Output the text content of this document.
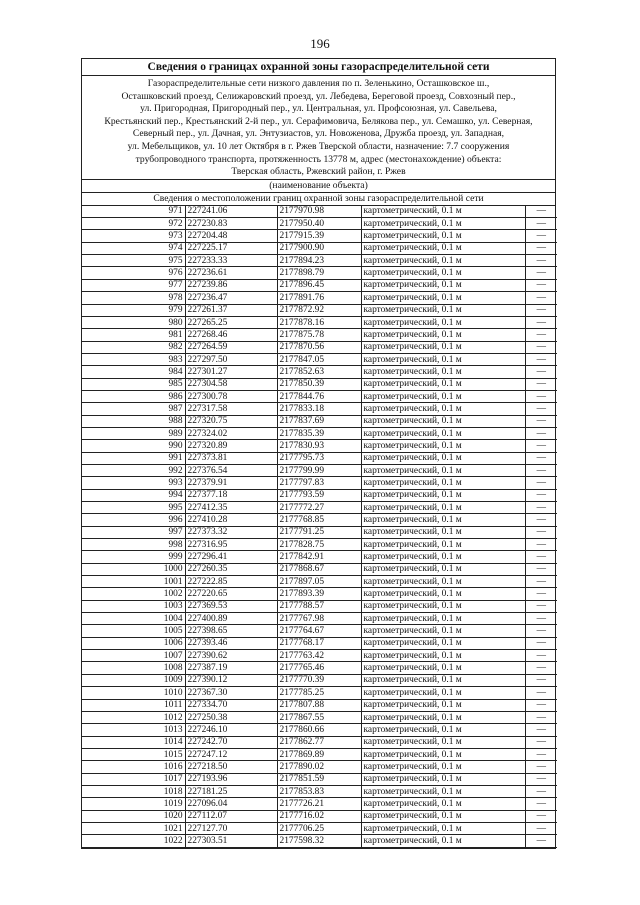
196
Сведения о границах охранной зоны газораспределительной сети
Газораспределительные сети низкого давления по п. Зеленькино, Осташковское ш.,
Осташковский проезд, Селижаровский проезд, ул. Лебедева, Береговой проезд, Совхозный пер.,
ул. Пригородная, Пригородный пер., ул. Центральная, ул. Профсоюзная, ул. Савельева,
Крестьянский пер., Крестьянский 2-й пер., ул. Серафимовича, Белякова пер., ул. Семашко, ул. Северная,
Северный пер., ул. Дачная, ул. Энтузиастов, ул. Новоженова, Дружба проезд, ул. Западная,
ул. Мебельщиков, ул. 10 лет Октября в г. Ржев Тверской области, назначение: 7.7 сооружения
трубопроводного транспорта, протяженность 13778 м, адрес (местонахождение) объекта:
Тверская область, Ржевский район, г. Ржев
(наименование объекта)
Сведения о местоположении границ охранной зоны газораспределительной сети
971	227241.06	2177970.98	картометрический, 0.1 м	—
972	227230.83	2177950.40	картометрический, 0.1 м	—
973	227204.48	2177915.39	картометрический, 0.1 м	—
974	227225.17	2177900.90	картометрический, 0.1 м	—
975	227233.33	2177894.23	картометрический, 0.1 м	—
976	227236.61	2177898.79	картометрический, 0.1 м	—
977	227239.86	2177896.45	картометрический, 0.1 м	—
978	227236.47	2177891.76	картометрический, 0.1 м	—
979	227261.37	2177872.92	картометрический, 0.1 м	—
980	227265.25	2177878.16	картометрический, 0.1 м	—
981	227268.46	2177875.78	картометрический, 0.1 м	—
982	227264.59	2177870.56	картометрический, 0.1 м	—
983	227297.50	2177847.05	картометрический, 0.1 м	—
984	227301.27	2177852.63	картометрический, 0.1 м	—
985	227304.58	2177850.39	картометрический, 0.1 м	—
986	227300.78	2177844.76	картометрический, 0.1 м	—
987	227317.58	2177833.18	картометрический, 0.1 м	—
988	227320.75	2177837.69	картометрический, 0.1 м	—
989	227324.02	2177835.39	картометрический, 0.1 м	—
990	227320.89	2177830.93	картометрический, 0.1 м	—
991	227373.81	2177795.73	картометрический, 0.1 м	—
992	227376.54	2177799.99	картометрический, 0.1 м	—
993	227379.91	2177797.83	картометрический, 0.1 м	—
994	227377.18	2177793.59	картометрический, 0.1 м	—
995	227412.35	2177772.27	картометрический, 0.1 м	—
996	227410.28	2177768.85	картометрический, 0.1 м	—
997	227373.32	2177791.25	картометрический, 0.1 м	—
998	227316.95	2177828.75	картометрический, 0.1 м	—
999	227296.41	2177842.91	картометрический, 0.1 м	—
1000	227260.35	2177868.67	картометрический, 0.1 м	—
1001	227222.85	2177897.05	картометрический, 0.1 м	—
1002	227220.65	2177893.39	картометрический, 0.1 м	—
1003	227369.53	2177788.57	картометрический, 0.1 м	—
1004	227400.89	2177767.98	картометрический, 0.1 м	—
1005	227398.65	2177764.67	картометрический, 0.1 м	—
1006	227393.46	2177768.17	картометрический, 0.1 м	—
1007	227390.62	2177763.42	картометрический, 0.1 м	—
1008	227387.19	2177765.46	картометрический, 0.1 м	—
1009	227390.12	2177770.39	картометрический, 0.1 м	—
1010	227367.30	2177785.25	картометрический, 0.1 м	—
1011	227334.70	2177807.88	картометрический, 0.1 м	—
1012	227250.38	2177867.55	картометрический, 0.1 м	—
1013	227246.10	2177860.66	картометрический, 0.1 м	—
1014	227242.70	2177862.77	картометрический, 0.1 м	—
1015	227247.12	2177869.89	картометрический, 0.1 м	—
1016	227218.50	2177890.02	картометрический, 0.1 м	—
1017	227193.96	2177851.59	картометрический, 0.1 м	—
1018	227181.25	2177853.83	картометрический, 0.1 м	—
1019	227096.04	2177726.21	картометрический, 0.1 м	—
1020	227112.07	2177716.02	картометрический, 0.1 м	—
1021	227127.70	2177706.25	картометрический, 0.1 м	—
1022	227303.51	2177598.32	картометрический, 0.1 м	—
